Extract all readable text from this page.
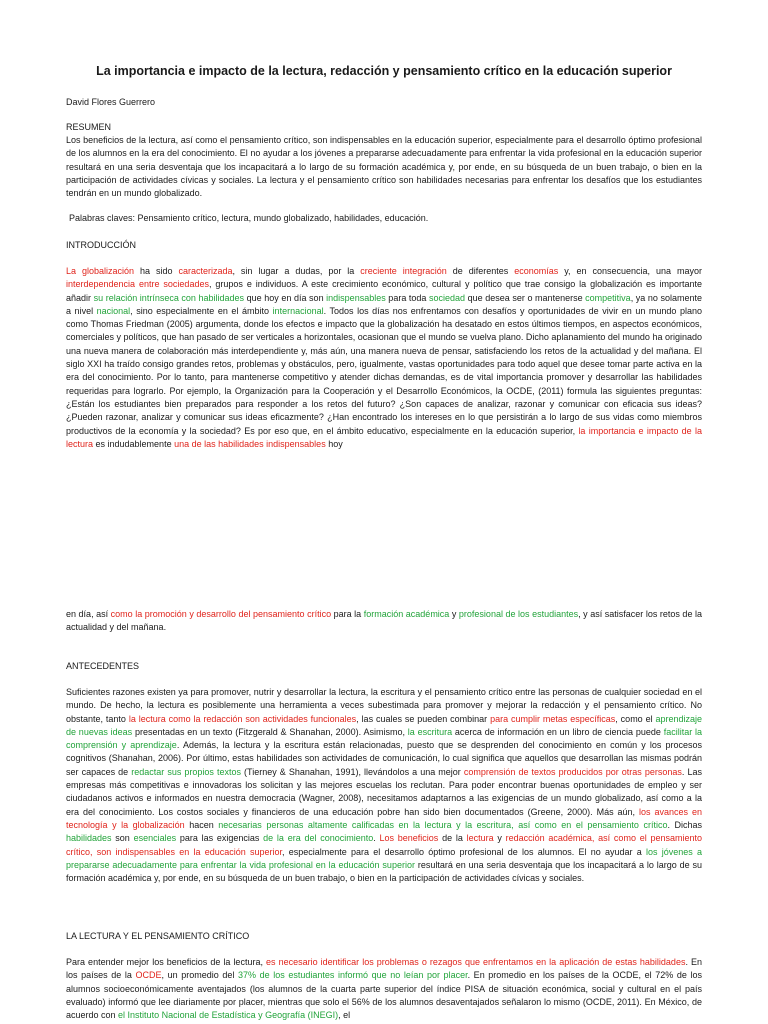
La importancia e impacto de la lectura, redacción y pensamiento crítico en la educación superior

David Flores Guerrero

RESUMEN

Los beneficios de la lectura, así como el pensamiento crítico, son indispensables en la educación superior, especialmente para el desarrollo óptimo profesional de los alumnos en la era del conocimiento. El no ayudar a los jóvenes a prepararse adecuadamente para enfrentar la vida profesional en la educación superior resultará en una seria desventaja que los incapacitará a lo largo de su formación académica y, por ende, en su búsqueda de un buen trabajo, o bien en la participación de actividades cívicas y sociales. La lectura y el pensamiento crítico son habilidades necesarias para enfrentar los desafíos que los estudiantes tendrán en un mundo globalizado.

Palabras claves: Pensamiento crítico, lectura, mundo globalizado, habilidades, educación.

INTRODUCCIÓN

La globalización ha sido caracterizada, sin lugar a dudas, por la creciente integración de diferentes economías y, en consecuencia, una mayor interdependencia entre sociedades, grupos e individuos. A este crecimiento económico, cultural y político que trae consigo la globalización es importante añadir su relación intrínseca con habilidades que hoy en día son indispensables para toda sociedad que desea ser o mantenerse competitiva, ya no solamente a nivel nacional, sino especialmente en el ámbito internacional. Todos los días nos enfrentamos con desafíos y oportunidades de vivir en un mundo plano como Thomas Friedman (2005) argumenta, donde los efectos e impacto que la globalización ha desatado en estos últimos tiempos, en aspectos económicos, comerciales y políticos, que han pasado de ser verticales a horizontales, ocasionan que el mundo se vuelva plano. Dicho aplanamiento del mundo ha originado una nueva manera de colaboración más interdependiente y, más aún, una manera nueva de pensar, satisfaciendo los retos de la actualidad y del mañana. El siglo XXI ha traído consigo grandes retos, problemas y obstáculos, pero, igualmente, vastas oportunidades para todo aquel que desee tomar parte activa en la era del conocimiento. Por lo tanto, para mantenerse competitivo y atender dichas demandas, es de vital importancia promover y desarrollar las habilidades requeridas para lograrlo. Por ejemplo, la Organización para la Cooperación y el Desarrollo Económicos, la OCDE, (2011) formula las siguientes preguntas: ¿Están los estudiantes bien preparados para responder a los retos del futuro? ¿Son capaces de analizar, razonar y comunicar con eficacia sus ideas? ¿Pueden razonar, analizar y comunicar sus ideas eficazmente? ¿Han encontrado los intereses en lo que persistirán a lo largo de sus vidas como miembros productivos de la economía y la sociedad? Es por eso que, en el ámbito educativo, especialmente en la educación superior, la importancia e impacto de la lectura es indudablemente una de las habilidades indispensables hoy

en día, así como la promoción y desarrollo del pensamiento crítico para la formación académica y profesional de los estudiantes, y así satisfacer los retos de la actualidad y del mañana.

ANTECEDENTES

Suficientes razones existen ya para promover, nutrir y desarrollar la lectura, la escritura y el pensamiento crítico entre las personas de cualquier sociedad en el mundo. De hecho, la lectura es posiblemente una herramienta a veces subestimada para promover y mejorar la redacción y el pensamiento crítico. No obstante, tanto la lectura como la redacción son actividades funcionales, las cuales se pueden combinar para cumplir metas específicas, como el aprendizaje de nuevas ideas presentadas en un texto (Fitzgerald & Shanahan, 2000). Asimismo, la escritura acerca de información en un libro de ciencia puede facilitar la comprensión y aprendizaje. Además, la lectura y la escritura están relacionadas, puesto que se desprenden del conocimiento en común y los procesos cognitivos (Shanahan, 2006). Por último, estas habilidades son actividades de comunicación, lo cual significa que aquellos que desarrollan las mismas podrán ser capaces de redactar sus propios textos (Tierney & Shanahan, 1991), llevándolos a una mejor comprensión de textos producidos por otras personas. Las empresas más competitivas e innovadoras los solicitan y las mejores escuelas los reclutan. Para poder encontrar buenas oportunidades de empleo y ser ciudadanos activos e informados en nuestra democracia (Wagner, 2008), necesitamos adaptarnos a las exigencias de un mundo globalizado, así como a la era del conocimiento. Los costos sociales y financieros de una educación pobre han sido bien documentados (Greene, 2000). Más aún, los avances en tecnología y la globalización hacen necesarias personas altamente calificadas en la lectura y la escritura, así como en el pensamiento crítico. Dichas habilidades son esenciales para las exigencias de la era del conocimiento. Los beneficios de la lectura y redacción académica, así como el pensamiento crítico, son indispensables en la educación superior, especialmente para el desarrollo óptimo profesional de los alumnos. El no ayudar a los jóvenes a prepararse adecuadamente para enfrentar la vida profesional en la educación superior resultará en una seria desventaja que los incapacitará a lo largo de su formación académica y, por ende, en su búsqueda de un buen trabajo, o bien en la participación de actividades cívicas y sociales.

LA LECTURA Y EL PENSAMIENTO CRÍTICO

Para entender mejor los beneficios de la lectura, es necesario identificar los problemas o rezagos que enfrentamos en la aplicación de estas habilidades. En los países de la OCDE, un promedio del 37% de los estudiantes informó que no leían por placer. En promedio en los países de la OCDE, el 72% de los alumnos socioeconómicamente aventajados (los alumnos de la cuarta parte superior del índice PISA de situación económica, social y cultural en el país evaluado) informó que lee diariamente por placer, mientras que solo el 56% de los alumnos desaventajados señalaron lo mismo (OCDE, 2011). En México, de acuerdo con el Instituto Nacional de Estadística y Geografía (INEGI), el
